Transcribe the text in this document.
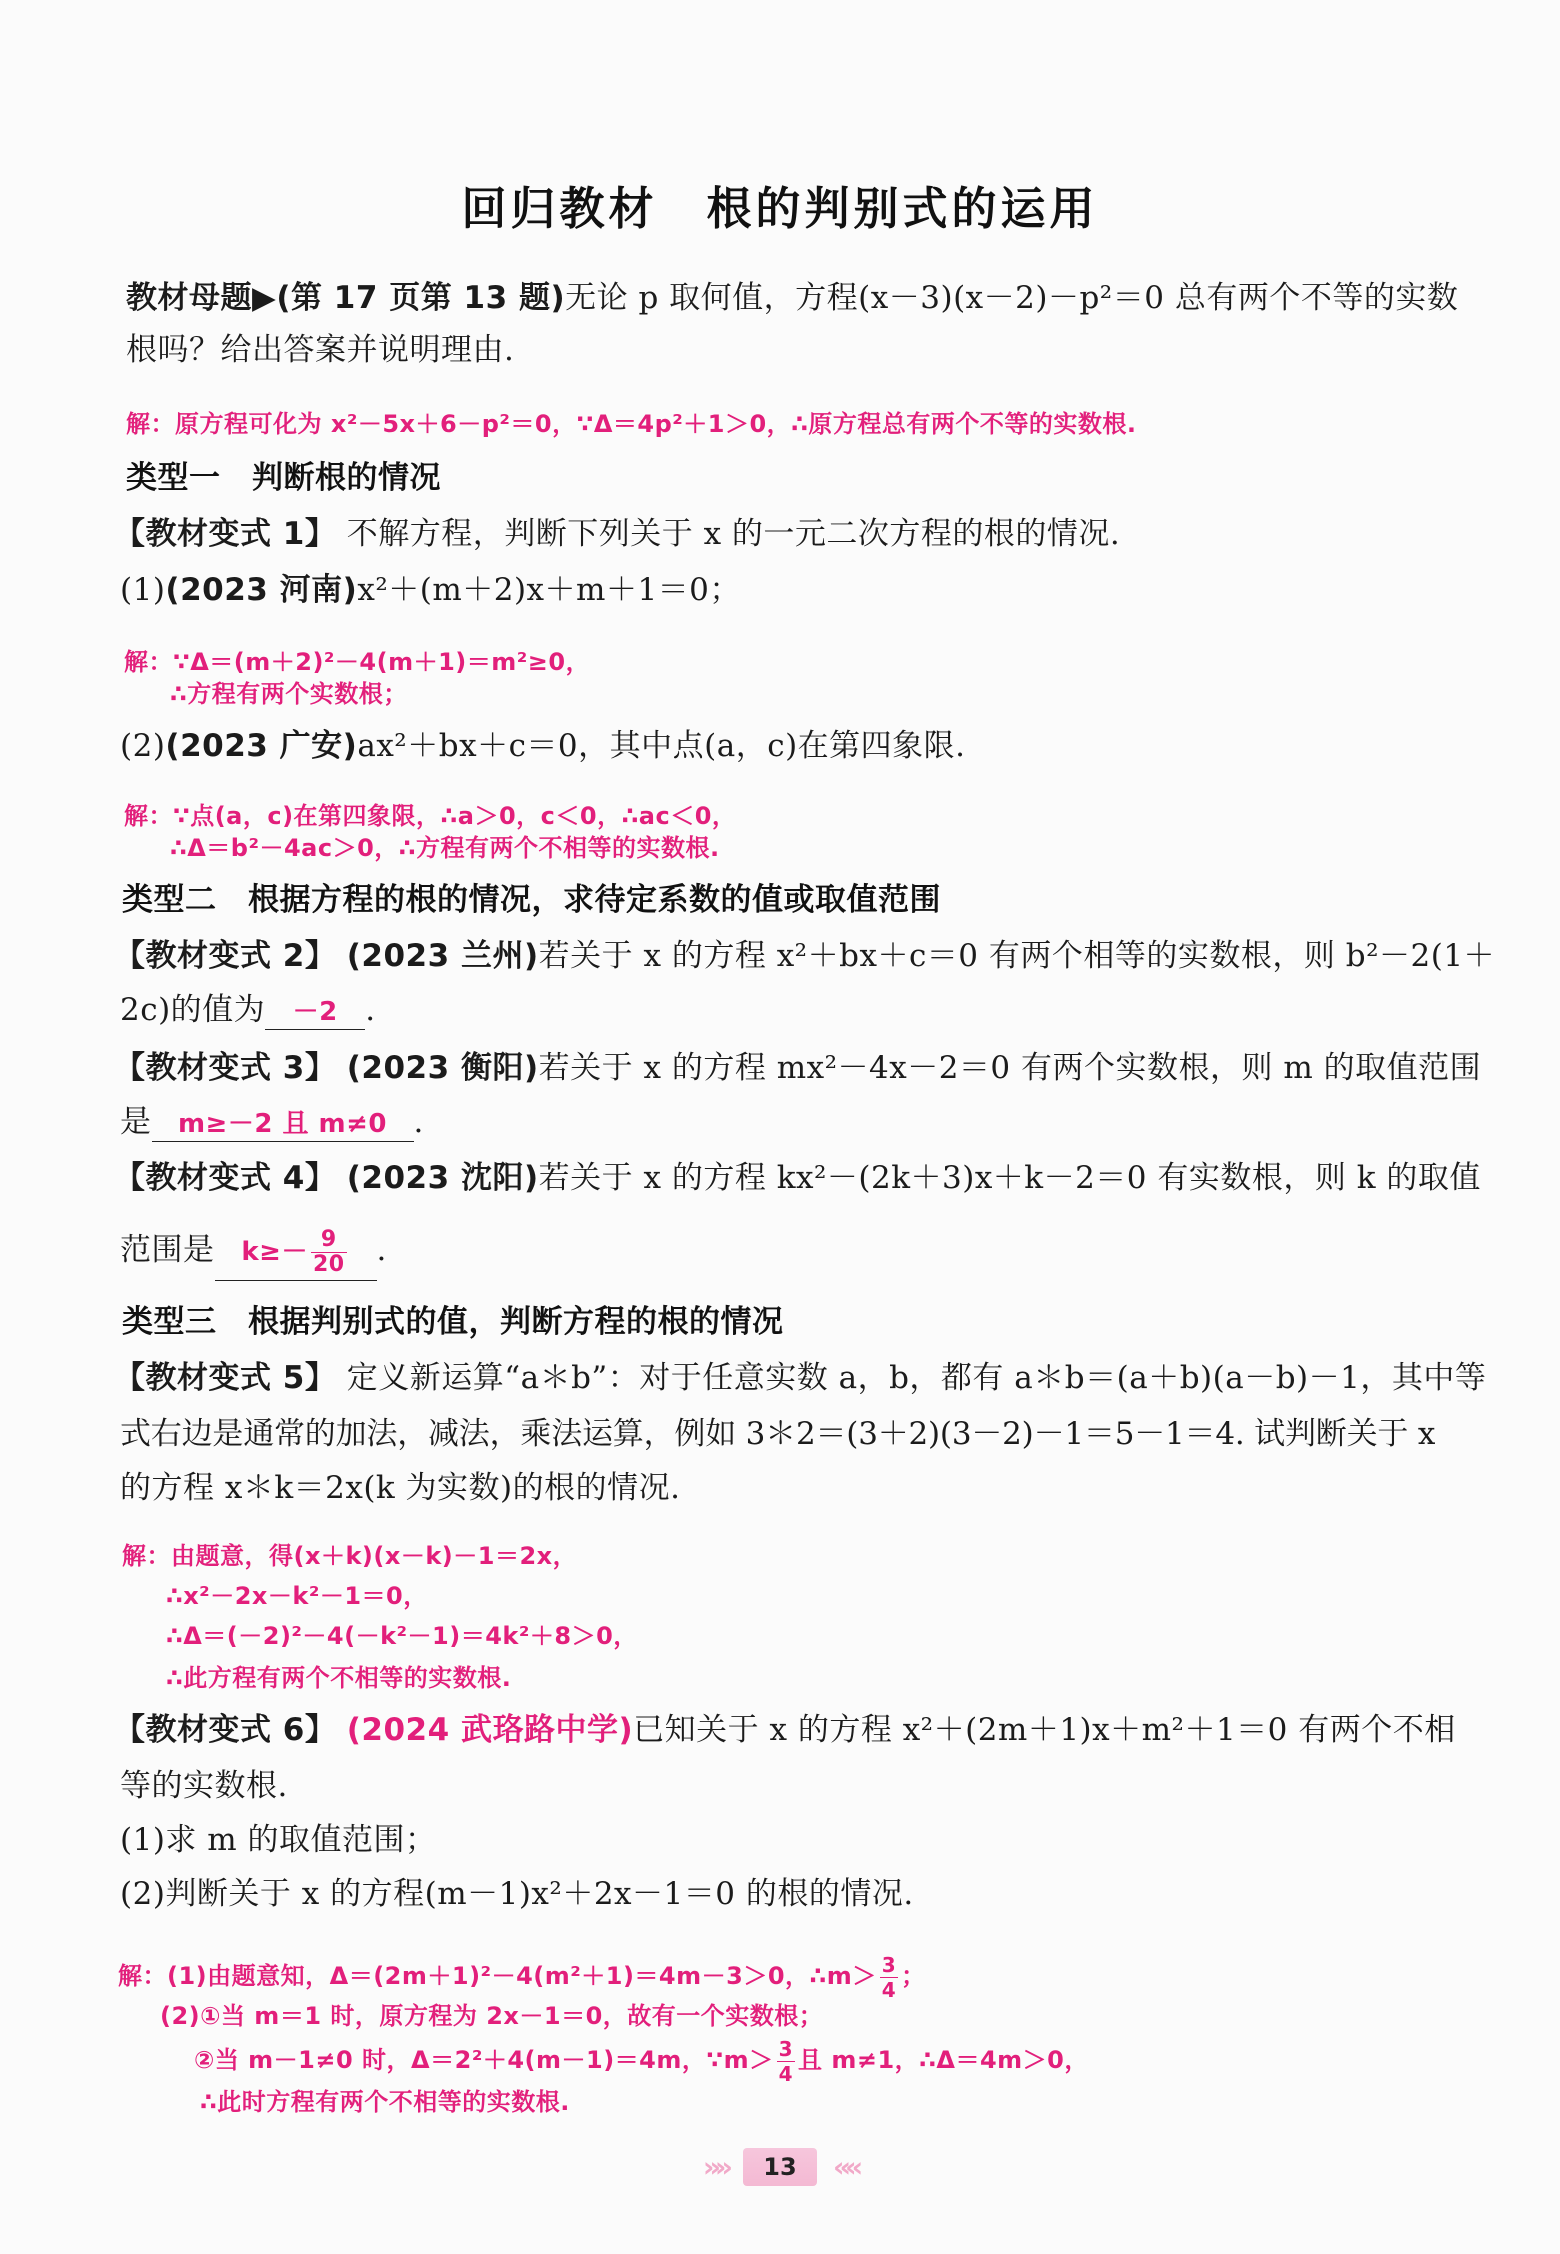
回归教材　根的判别式的运用
教材母题▶(第 17 页第 13 题)无论 p 取何值，方程(x－3)(x－2)－p²＝0 总有两个不等的实数
根吗？给出答案并说明理由.
解：原方程可化为 x²－5x＋6－p²＝0，∵Δ＝4p²＋1＞0，∴原方程总有两个不等的实数根.
类型一　判断根的情况
【教材变式 1】 不解方程，判断下列关于 x 的一元二次方程的根的情况.
(1)(2023 河南)x²＋(m＋2)x＋m＋1＝0；
解：∵Δ＝(m＋2)²－4(m＋1)＝m²≥0，
∴方程有两个实数根；
(2)(2023 广安)ax²＋bx＋c＝0，其中点(a，c)在第四象限.
解：∵点(a，c)在第四象限，∴a＞0，c＜0，∴ac＜0，
∴Δ＝b²－4ac＞0，∴方程有两个不相等的实数根.
类型二　根据方程的根的情况，求待定系数的值或取值范围
【教材变式 2】 (2023 兰州)若关于 x 的方程 x²＋bx＋c＝0 有两个相等的实数根，则 b²－2(1＋
2c)的值为 －2 .
【教材变式 3】 (2023 衡阳)若关于 x 的方程 mx²－4x－2＝0 有两个实数根，则 m 的取值范围
是 m≥－2 且 m≠0 .
【教材变式 4】 (2023 沈阳)若关于 x 的方程 kx²－(2k＋3)x＋k－2＝0 有实数根，则 k 的取值
范围是 $k\ge- \frac{9}{20}$ .
类型三　根据判别式的值，判断方程的根的情况
【教材变式 5】 定义新运算“a＊b”：对于任意实数 a，b，都有 a＊b＝(a＋b)(a－b)－1，其中等
式右边是通常的加法，减法，乘法运算，例如 3＊2＝(3＋2)(3－2)－1＝5－1＝4. 试判断关于 x
的方程 x＊k＝2x(k 为实数)的根的情况.
解：由题意，得(x＋k)(x－k)－1＝2x，
∴x²－2x－k²－1＝0，
∴Δ＝(－2)²－4(－k²－1)＝4k²＋8＞0，
∴此方程有两个不相等的实数根.
【教材变式 6】 (2024 武珞路中学)已知关于 x 的方程 x²＋(2m＋1)x＋m²＋1＝0 有两个不相
等的实数根.
(1)求 m 的取值范围；
(2)判断关于 x 的方程(m－1)x²＋2x－1＝0 的根的情况.
解：(1)由题意知，Δ＝(2m＋1)²－4(m²＋1)＝4m－3＞0，∴m＞ $\frac{3}{4}$ ；
(2)①当 m＝1 时，原方程为 2x－1＝0，故有一个实数根；
②当 m－1≠0 时，Δ＝2²＋4(m－1)＝4m，∵m＞ $\frac{3}{4}$ 且 m≠1，∴Δ＝4m＞0，
∴此时方程有两个不相等的实数根.
»» 13 ««
